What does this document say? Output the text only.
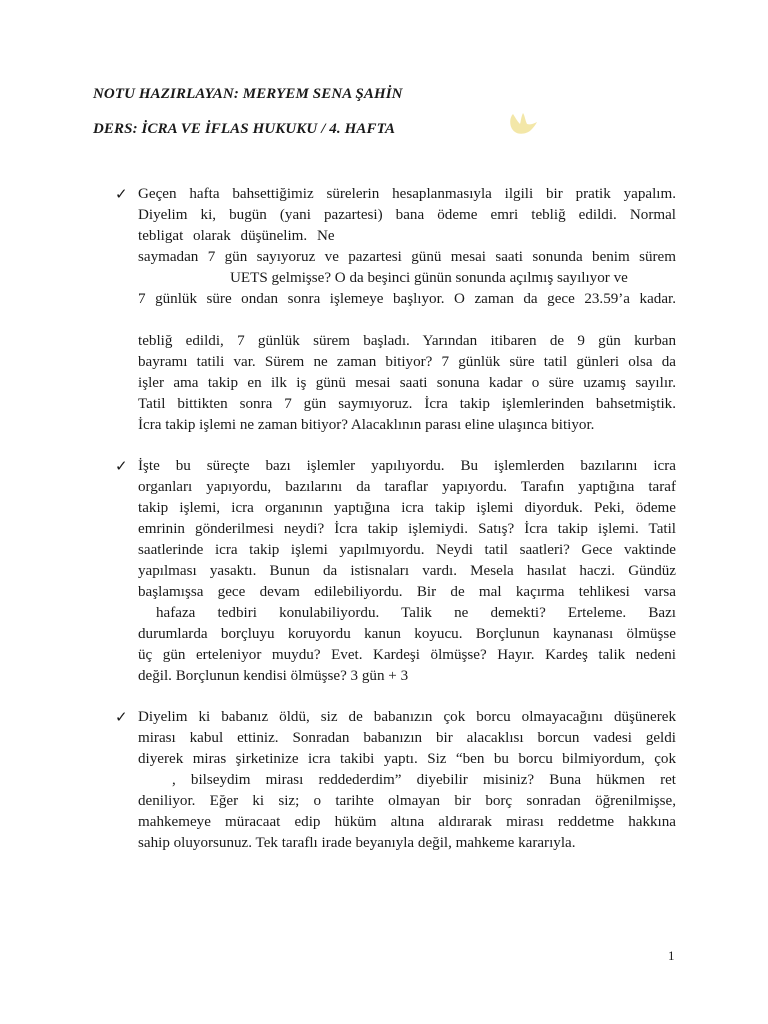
NOTU HAZIRLAYAN: MERYEM SENA ŞAHİN
DERS: İCRA VE İFLAS HUKUKU / 4. HAFTA
✓ Geçen hafta bahsettiğimiz sürelerin hesaplanmasıyla ilgili bir pratik yapalım.
Diyelim ki, bugün (yani pazartesi) bana ödeme emri tebliğ edildi. Normal
tebligat olarak düşünelim. Ne
saymadan 7 gün sayıyoruz ve pazartesi günü mesai saati sonunda benim sürem
UETS gelmişse? O da beşinci günün sonunda açılmış sayılıyor ve
7 günlük süre ondan sonra işlemeye başlıyor. O zaman da gece 23.59’a kadar.
tebliğ edildi, 7 günlük sürem başladı. Yarından itibaren de 9 gün kurban
bayramı tatili var. Sürem ne zaman bitiyor? 7 günlük süre tatil günleri olsa da
işler ama takip en ilk iş günü mesai saati sonuna kadar o süre uzamış sayılır.
Tatil bittikten sonra 7 gün saymıyoruz. İcra takip işlemlerinden bahsetmiştik.
İcra takip işlemi ne zaman bitiyor? Alacaklının parası eline ulaşınca bitiyor.
✓ İşte bu süreçte bazı işlemler yapılıyordu. Bu işlemlerden bazılarını icra
organları yapıyordu, bazılarını da taraflar yapıyordu. Tarafın yaptığına taraf
takip işlemi, icra organının yaptığına icra takip işlemi diyorduk. Peki, ödeme
emrinin gönderilmesi neydi? İcra takip işlemiydi. Satış? İcra takip işlemi. Tatil
saatlerinde icra takip işlemi yapılmıyordu. Neydi tatil saatleri? Gece vaktinde
yapılması yasaktı. Bunun da istisnaları vardı. Mesela hasılat haczi. Gündüz
başlamışsa gece devam edilebiliyordu. Bir de mal kaçırma tehlikesi varsa
hafaza tedbiri konulabiliyordu. Talik ne demekti? Erteleme. Bazı
durumlarda borçluyu koruyordu kanun koyucu. Borçlunun kaynanası ölmüşse
üç gün erteleniyor muydu? Evet. Kardeşi ölmüşse? Hayır. Kardeş talik nedeni
değil. Borçlunun kendisi ölmüşse? 3 gün + 3
✓ Diyelim ki babanız öldü, siz de babanızın çok borcu olmayacağını düşünerek
mirası kabul ettiniz. Sonradan babanızın bir alacaklısı borcun vadesi geldi
diyerek miras şirketinize icra takibi yaptı. Siz “ben bu borcu bilmiyordum, çok
, bilseydim mirası reddederdim” diyebilir misiniz? Buna hükmen ret
deniliyor. Eğer ki siz; o tarihte olmayan bir borç sonradan öğrenilmişse,
mahkemeye müracaat edip hüküm altına aldırarak mirası reddetme hakkına
sahip oluyorsunuz. Tek taraflı irade beyanıyla değil, mahkeme kararıyla.
1
